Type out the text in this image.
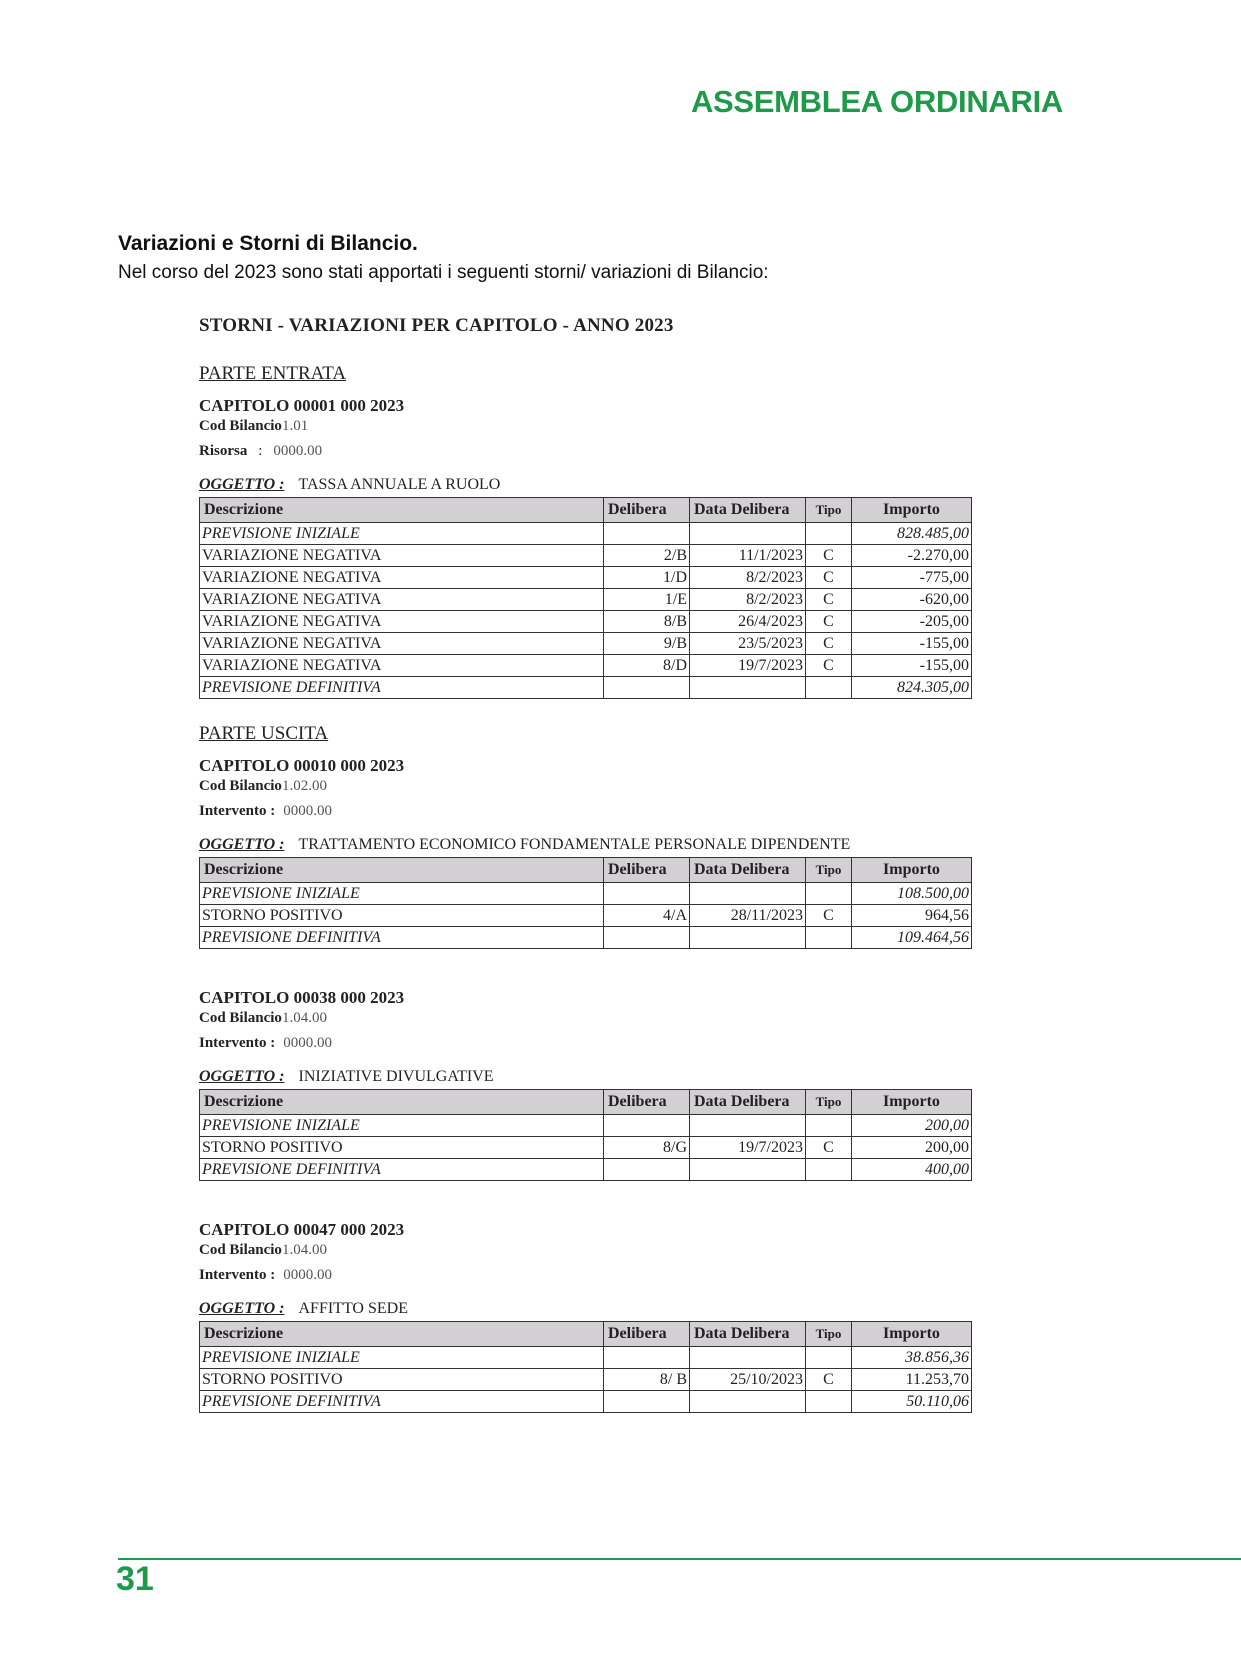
ASSEMBLEA ORDINARIA
Variazioni e Storni di Bilancio.
Nel corso del 2023 sono stati apportati i seguenti storni/ variazioni di Bilancio:
STORNI - VARIAZIONI PER CAPITOLO - ANNO 2023
PARTE ENTRATA
CAPITOLO 00001 000 2023
Cod Bilancio1.01
Risorsa : 0000.00
OGGETTO : TASSA ANNUALE A RUOLO
Descrizione	Delibera	Data Delibera	Tipo	Importo
PREVISIONE INIZIALE				828.485,00
VARIAZIONE NEGATIVA	2/B	11/1/2023	C	-2.270,00
VARIAZIONE NEGATIVA	1/D	8/2/2023	C	-775,00
VARIAZIONE NEGATIVA	1/E	8/2/2023	C	-620,00
VARIAZIONE NEGATIVA	8/B	26/4/2023	C	-205,00
VARIAZIONE NEGATIVA	9/B	23/5/2023	C	-155,00
VARIAZIONE NEGATIVA	8/D	19/7/2023	C	-155,00
PREVISIONE DEFINITIVA				824.305,00
PARTE USCITA
CAPITOLO 00010 000 2023
Cod Bilancio1.02.00
Intervento : 0000.00
OGGETTO : TRATTAMENTO ECONOMICO FONDAMENTALE PERSONALE DIPENDENTE
Descrizione	Delibera	Data Delibera	Tipo	Importo
PREVISIONE INIZIALE				108.500,00
STORNO POSITIVO	4/A	28/11/2023	C	964,56
PREVISIONE DEFINITIVA				109.464,56
CAPITOLO 00038 000 2023
Cod Bilancio1.04.00
Intervento : 0000.00
OGGETTO : INIZIATIVE DIVULGATIVE
Descrizione	Delibera	Data Delibera	Tipo	Importo
PREVISIONE INIZIALE				200,00
STORNO POSITIVO	8/G	19/7/2023	C	200,00
PREVISIONE DEFINITIVA				400,00
CAPITOLO 00047 000 2023
Cod Bilancio1.04.00
Intervento : 0000.00
OGGETTO : AFFITTO SEDE
Descrizione	Delibera	Data Delibera	Tipo	Importo
PREVISIONE INIZIALE				38.856,36
STORNO POSITIVO	8/ B	25/10/2023	C	11.253,70
PREVISIONE DEFINITIVA				50.110,06
31
